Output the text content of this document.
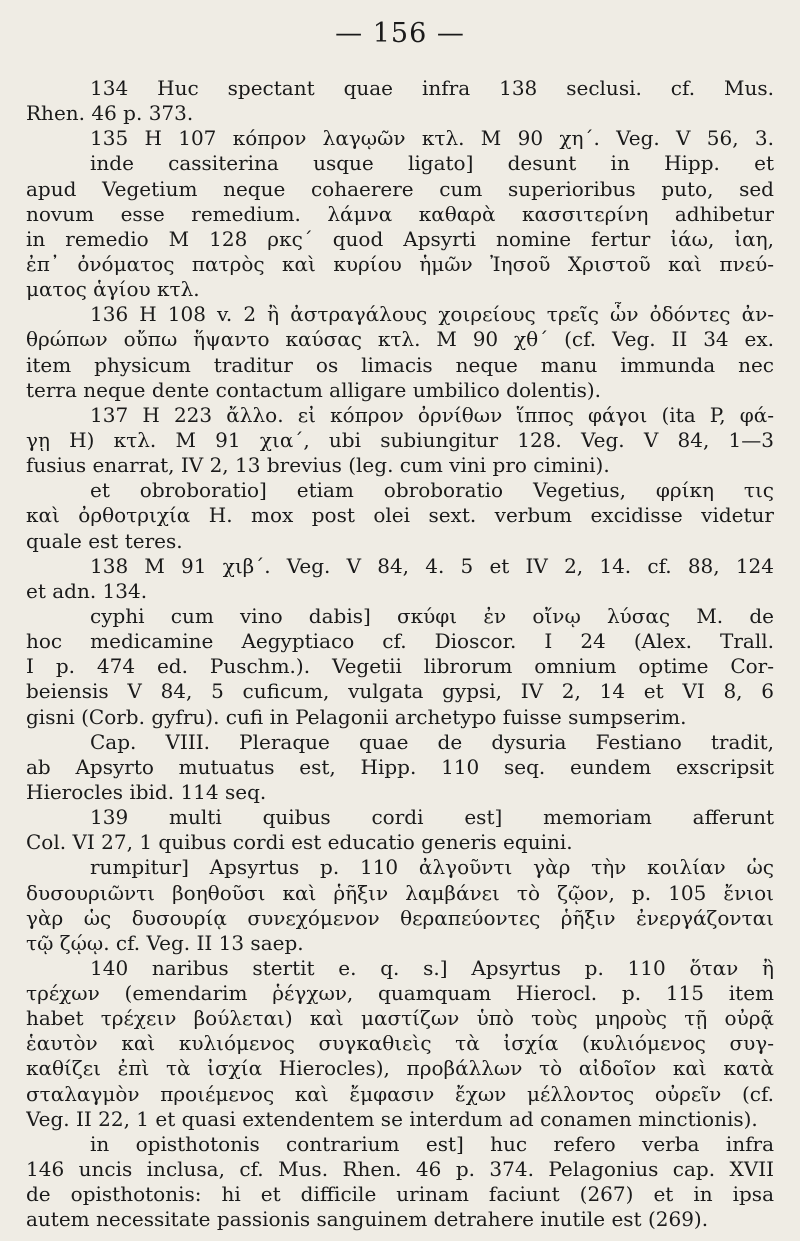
— 156 —
134 Huc spectant quae infra 138 seclusi. cf. Mus.
Rhen. 46 p. 373.
135 H 107 κόπρον λαγῳῶν κτλ. M 90 χη΄. Veg. V 56, 3.
inde cassiterina usque ligato] desunt in Hipp. et
apud Vegetium neque cohaerere cum superioribus puto, sed
novum esse remedium. λάμνα καθαρὰ κασσιτερίνη adhibetur
in remedio M 128 ρκς΄ quod Apsyrti nomine fertur ἰάω, ἰαη,
ἐπ᾽ ὀνόματος πατρὸς καὶ κυρίου ἡμῶν Ἰησοῦ Χριστοῦ καὶ πνεύ-
ματος ἁγίου κτλ.
136 H 108 v. 2 ἢ ἀστραγάλους χοιρείους τρεῖς ὧν ὀδόντες ἀν-
θρώπων οὔπω ἥψαντο καύσας κτλ. M 90 χθ΄ (cf. Veg. II 34 ex.
item physicum traditur os limacis neque manu immunda nec
terra neque dente contactum alligare umbilico dolentis).
137 H 223 ἄλλο. εἰ κόπρον ὀρνίθων ἵππος φάγοι (ita P, φά-
γῃ H) κτλ. M 91 χια΄, ubi subiungitur 128. Veg. V 84, 1—3
fusius enarrat, IV 2, 13 brevius (leg. cum vini pro cimini).
et obroboratio] etiam obroboratio Vegetius, φρίκη τις
καὶ ὀρθοτριχία H. mox post olei sext. verbum excidisse videtur
quale est teres.
138 M 91 χιβ΄. Veg. V 84, 4. 5 et IV 2, 14. cf. 88, 124
et adn. 134.
cyphi cum vino dabis] σκύφι ἐν οἴνῳ λύσας M. de
hoc medicamine Aegyptiaco cf. Dioscor. I 24 (Alex. Trall.
I p. 474 ed. Puschm.). Vegetii librorum omnium optime Cor-
beiensis V 84, 5 cuficum, vulgata gypsi, IV 2, 14 et VI 8, 6
gisni (Corb. gyfru). cufi in Pelagonii archetypo fuisse sumpserim.
Cap. VIII. Pleraque quae de dysuria Festiano tradit,
ab Apsyrto mutuatus est, Hipp. 110 seq. eundem exscripsit
Hierocles ibid. 114 seq.
139 multi quibus cordi est] memoriam afferunt
Col. VI 27, 1 quibus cordi est educatio generis equini.
rumpitur] Apsyrtus p. 110 ἀλγοῦντι γὰρ τὴν κοιλίαν ὡς
δυσουριῶντι βοηθοῦσι καὶ ῥῆξιν λαμβάνει τὸ ζῷον, p. 105 ἔνιοι
γὰρ ὡς δυσουρίᾳ συνεχόμενον θεραπεύοντες ῥῆξιν ἐνεργάζονται
τῷ ζῴῳ. cf. Veg. II 13 saep.
140 naribus stertit e. q. s.] Apsyrtus p. 110 ὅταν ἢ
τρέχων (emendarim ῥέγχων, quamquam Hierocl. p. 115 item
habet τρέχειν βούλεται) καὶ μαστίζων ὑπὸ τοὺς μηροὺς τῇ οὐρᾷ
ἑαυτὸν καὶ κυλιόμενος συγκαθιεὶς τὰ ἰσχία (κυλιόμενος συγ-
καθίζει ἐπὶ τὰ ἰσχία Hierocles), προβάλλων τὸ αἰδοῖον καὶ κατὰ
σταλαγμὸν προιέμενος καὶ ἔμφασιν ἔχων μέλλοντος οὐρεῖν (cf.
Veg. II 22, 1 et quasi extendentem se interdum ad conamen minctionis).
in opisthotonis contrarium est] huc refero verba infra
146 uncis inclusa, cf. Mus. Rhen. 46 p. 374. Pelagonius cap. XVII
de opisthotonis: hi et difficile urinam faciunt (267) et in ipsa
autem necessitate passionis sanguinem detrahere inutile est (269).
